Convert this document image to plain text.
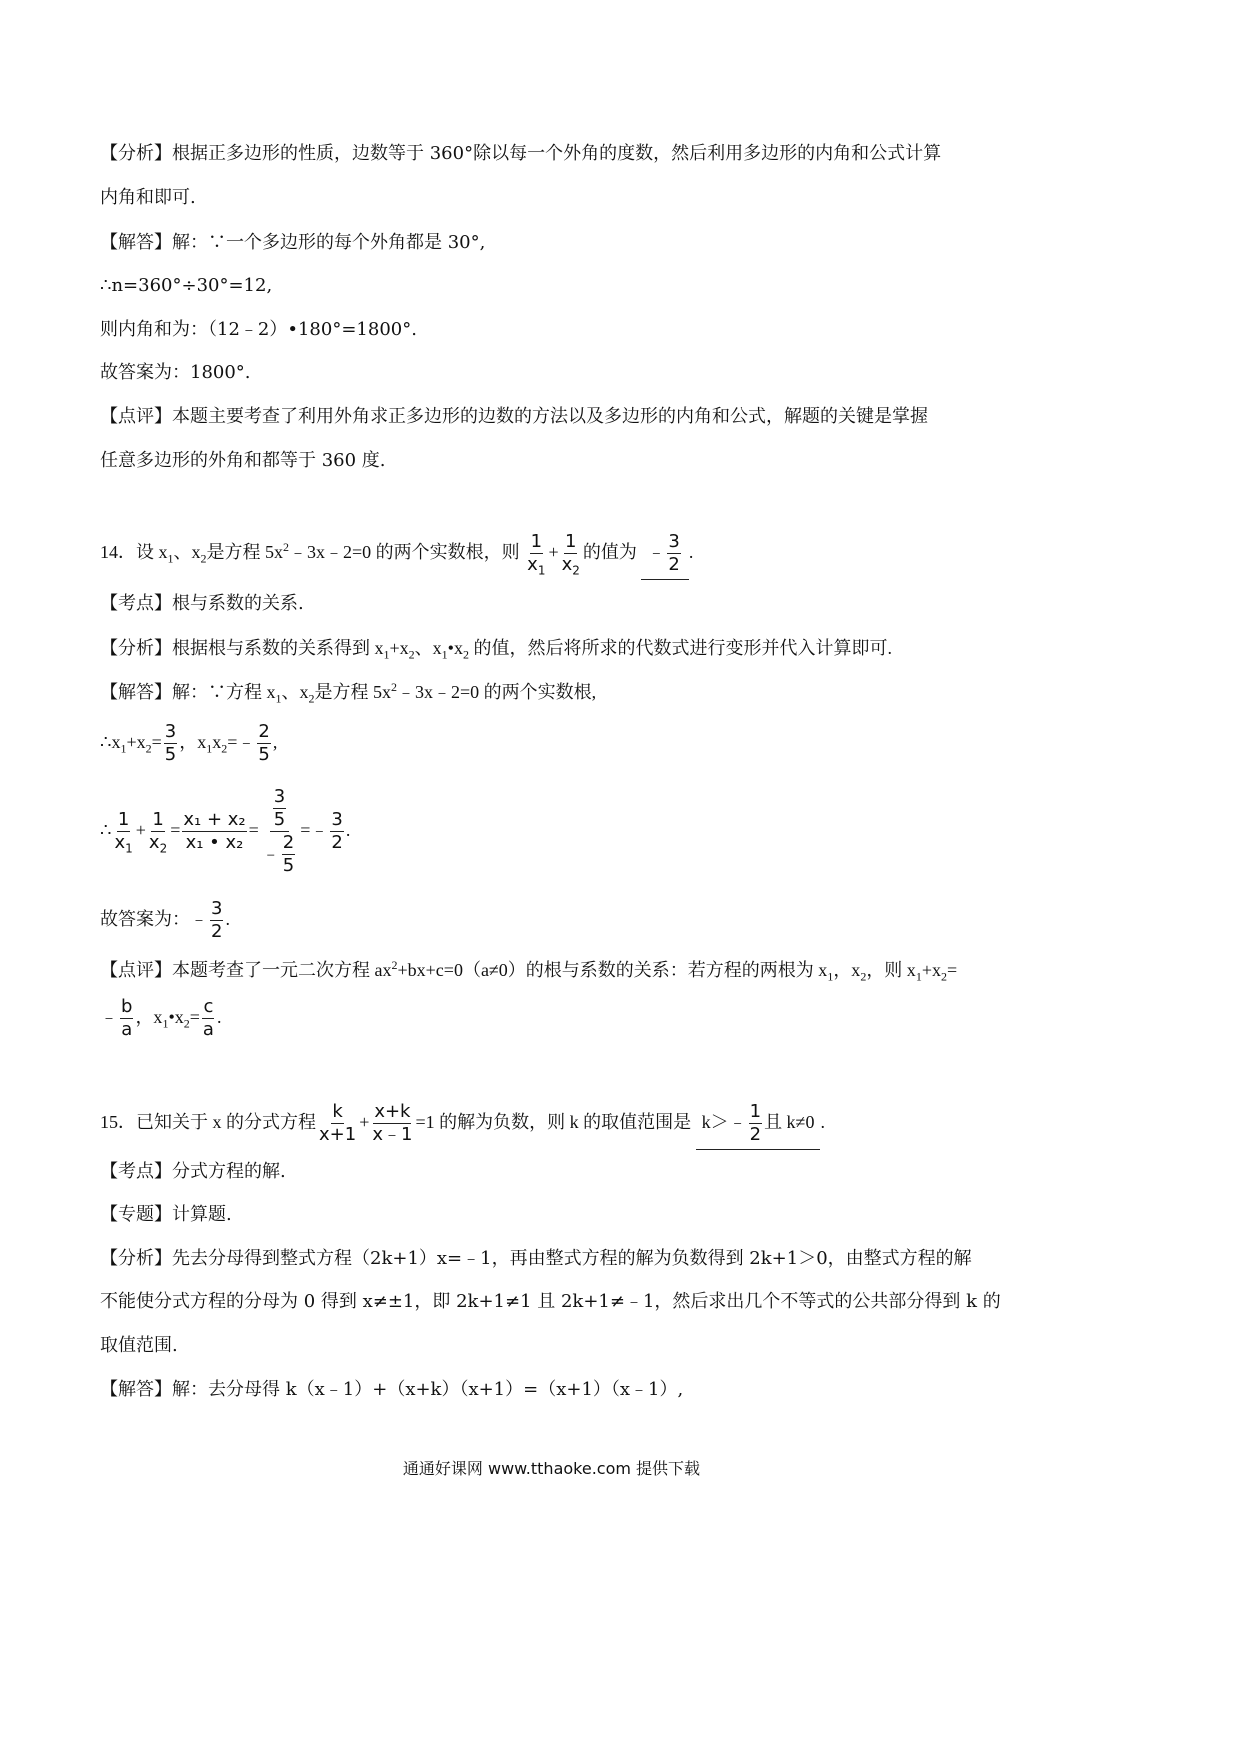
【分析】根据正多边形的性质，边数等于 360°除以每一个外角的度数，然后利用多边形的内角和公式计算
内角和即可.
【解答】解：∵一个多边形的每个外角都是 30°,
∴n=360°÷30°=12,
则内角和为：（12﹣2）•180°=1800°.
故答案为：1800°.
【点评】本题主要考查了利用外角求正多边形的边数的方法以及多边形的内角和公式，解题的关键是掌握
任意多边形的外角和都等于 360 度.
14．设 $x_1$、$x_2$是方程 $5x^2﹣3x﹣2=0$ 的两个实数根，则 $\frac{1}{x_1} + \frac{1}{x_2}$ 的值为 ﹣ $\frac{3}{2}$ .
【考点】根与系数的关系.
【分析】根据根与系数的关系得到 $x_1+x_2$、$x_1•x_2$ 的值，然后将所求的代数式进行变形并代入计算即可.
【解答】解：∵方程 $x_1$、$x_2$是方程 $5x^2﹣3x﹣2=0$ 的两个实数根,
$\therefore x_1+x_2= \frac{3}{5}$ ，$x_1x_2=﹣ \frac{2}{5}$ ,
∴ $\frac{1}{x_1} + \frac{1}{x_2} = \frac{\text{x₁ + x₂}}{\text{x₁ • x₂}} = \frac{\frac{3}{5}}{﹣ \frac{2}{5}}$ =﹣ $\frac{3}{2}$ .
故答案为：﹣ $\frac{3}{2}$ .
【点评】本题考查了一元二次方程 $ax^2+bx+c=0(a\ne 0)$的根与系数的关系：若方程的两根为 $x_1$，$x_2$，则 $x_1+x_2=$
﹣ $\frac{b}{a}$ ，$x_1•x_2= \frac{c}{a}$ .
15．已知关于 x 的分式方程 $\frac{k}{x+1} + \frac{x+k}{x﹣1} =1$ 的解为负数，则 k 的取值范围是 k＞﹣ $\frac{1}{2}$ 且 k≠0 .
【考点】分式方程的解.
【专题】计算题.
【分析】先去分母得到整式方程（2k+1）x=﹣1，再由整式方程的解为负数得到 2k+1＞0，由整式方程的解
不能使分式方程的分母为 0 得到 x≠±1，即 2k+1≠1 且 2k+1≠﹣1，然后求出几个不等式的公共部分得到 k 的
取值范围.
【解答】解：去分母得 k（x﹣1）+（x+k）（x+1）=（x+1）（x﹣1）,
通通好课网 www.tthaoke.com 提供下载
